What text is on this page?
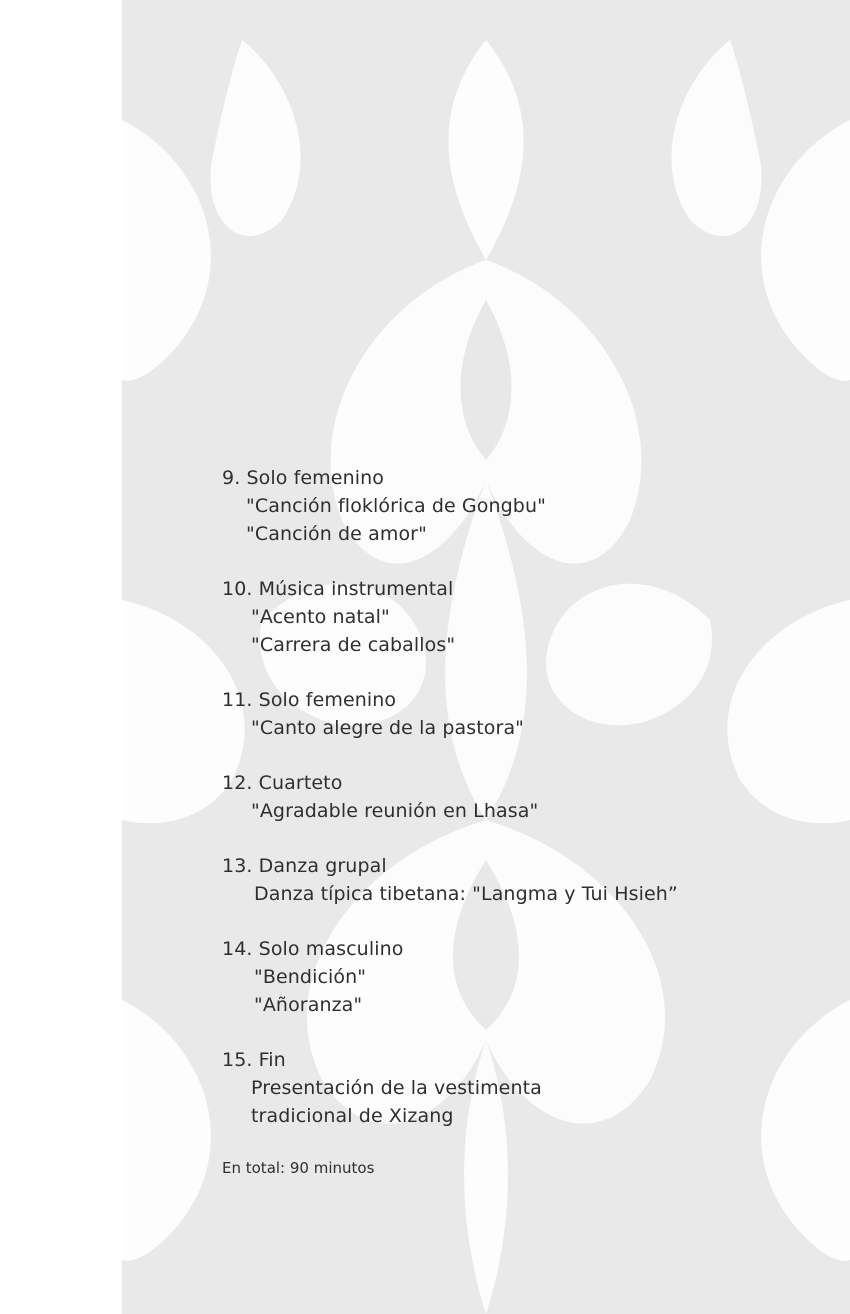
9. Solo femenino
"Canción floklórica de Gongbu"
"Canción de amor"
10. Música instrumental
"Acento natal"
"Carrera de caballos"
11. Solo femenino
"Canto alegre de la pastora"
12. Cuarteto
"Agradable reunión en Lhasa"
13. Danza grupal
Danza típica tibetana: "Langma y Tui Hsieh”
14. Solo masculino
"Bendición"
"Añoranza"
15. Fin
Presentación de la vestimenta
tradicional de Xizang
En total: 90 minutos
